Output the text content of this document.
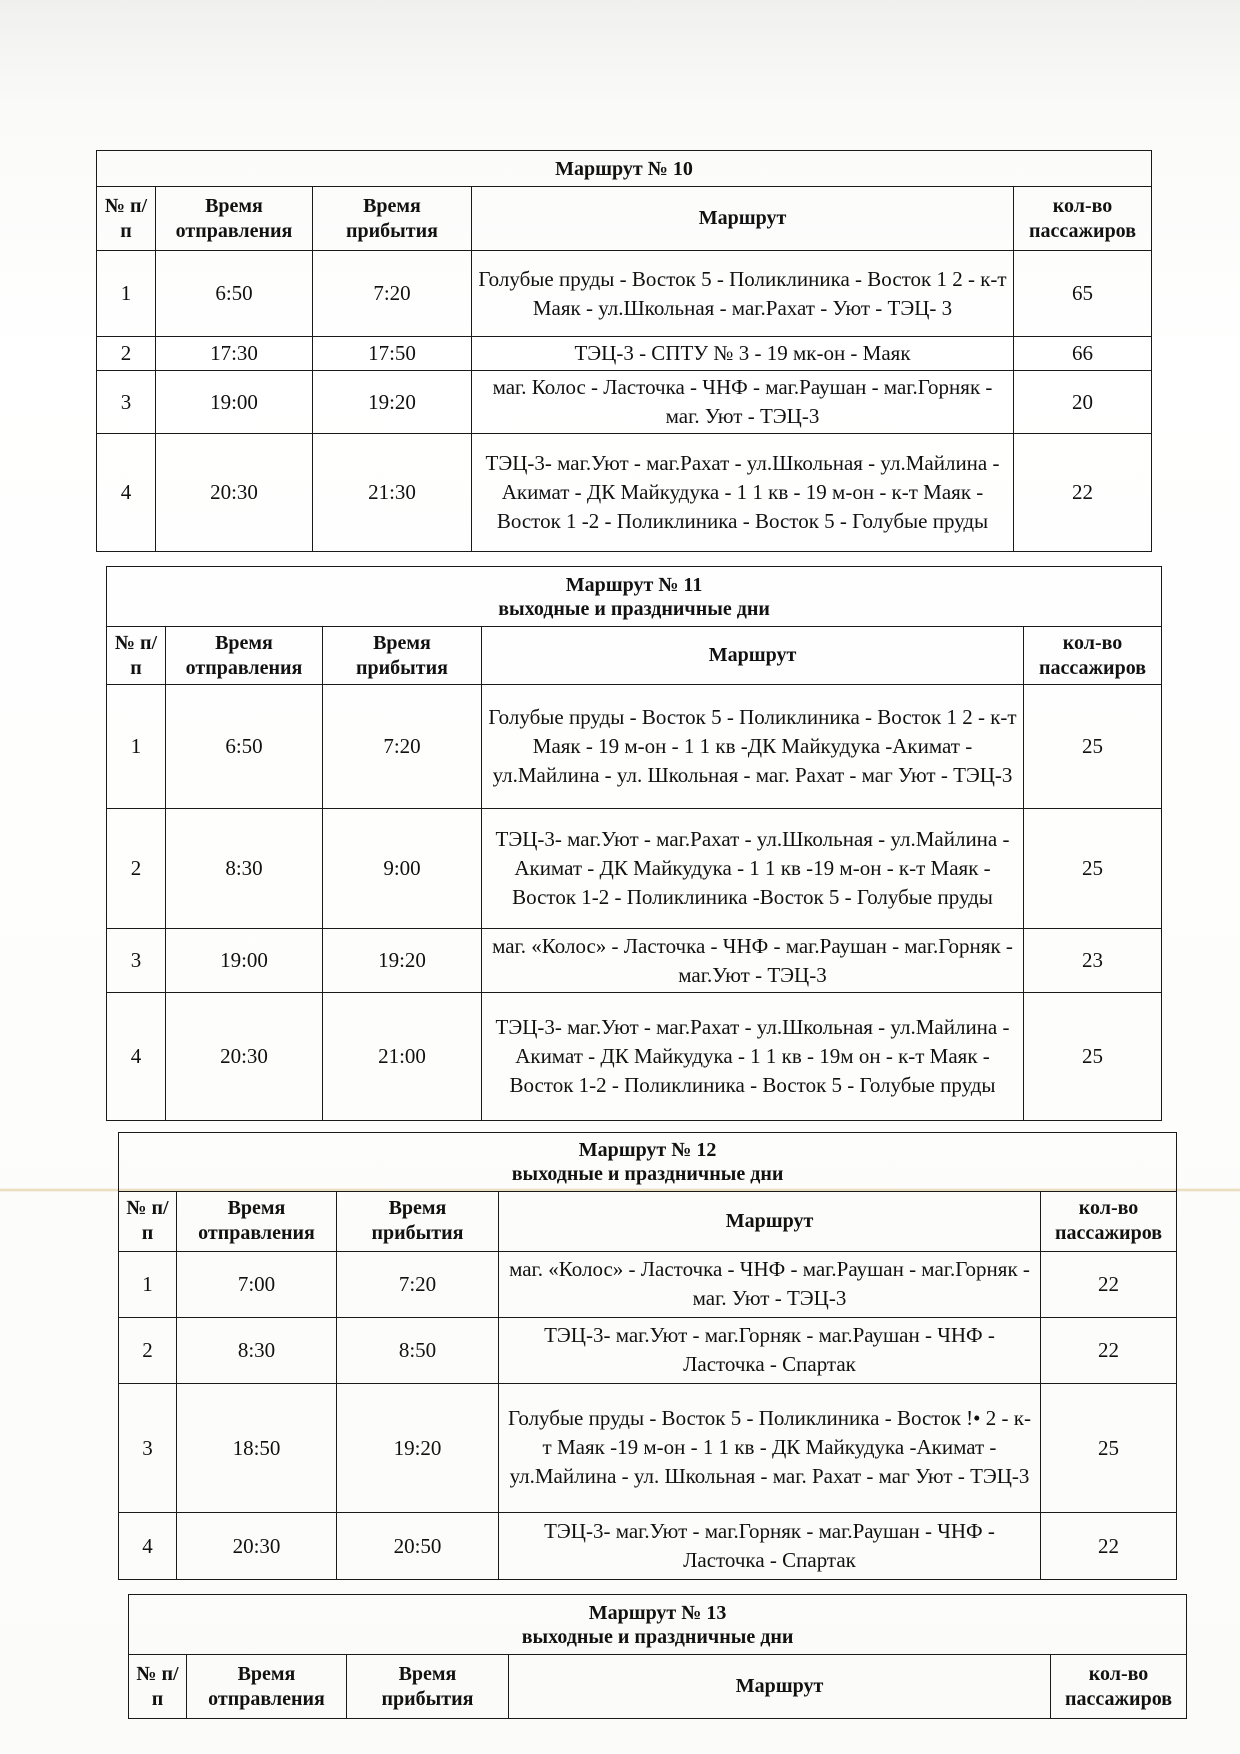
Маршрут № 10				

№ п/п	Время отправления	Время прибытия	Маршрут	кол-во пассажиров
1	6:50	7:20	Голубые пруды - Восток 5 - Поликлиника - Восток 1 2 - к-т Маяк - ул.Школьная - маг.Рахат - Уют - ТЭЦ- 3	65
2	17:30	17:50	ТЭЦ-3 - СПТУ № 3 - 19 мк-он - Маяк	66
3	19:00	19:20	маг. Колос - Ласточка - ЧНФ - маг.Раушан - маг.Горняк - маг. Уют - ТЭЦ-3	20
4	20:30	21:30	ТЭЦ-3- маг.Уют - маг.Рахат - ул.Школьная - ул.Майлина - Акимат - ДК Майкудука - 1 1 кв - 19 м-он - к-т Маяк - Восток 1 -2 - Поликлиника - Восток 5 - Голубые пруды	22
Маршрут № 11
выходные и праздничные дни				

№ п/п	Время отправления	Время прибытия	Маршрут	кол-во пассажиров
1	6:50	7:20	Голубые пруды - Восток 5 - Поликлиника - Восток 1 2 - к-т Маяк - 19 м-он - 1 1 кв -ДК Майкудука -Акимат - ул.Майлина - ул. Школьная - маг. Рахат - маг Уют - ТЭЦ-3	25
2	8:30	9:00	ТЭЦ-3- маг.Уют - маг.Рахат - ул.Школьная - ул.Майлина - Акимат - ДК Майкудука - 1 1 кв -19 м-он - к-т Маяк - Восток 1-2 - Поликлиника -Восток 5 - Голубые пруды	25
3	19:00	19:20	маг. «Колос» - Ласточка - ЧНФ - маг.Раушан - маг.Горняк - маг.Уют - ТЭЦ-3	23
4	20:30	21:00	ТЭЦ-3- маг.Уют - маг.Рахат - ул.Школьная - ул.Майлина - Акимат - ДК Майкудука - 1 1 кв - 19м он - к-т Маяк - Восток 1-2 - Поликлиника - Восток 5 - Голубые пруды	25
Маршрут № 12
выходные и праздничные дни				

№ п/п	Время отправления	Время прибытия	Маршрут	кол-во пассажиров
1	7:00	7:20	маг. «Колос» - Ласточка - ЧНФ - маг.Раушан - маг.Горняк - маг. Уют - ТЭЦ-3	22
2	8:30	8:50	ТЭЦ-3- маг.Уют - маг.Горняк - маг.Раушан - ЧНФ - Ласточка - Спартак	22
3	18:50	19:20	Голубые пруды - Восток 5 - Поликлиника - Восток !• 2 - к-т Маяк -19 м-он - 1 1 кв - ДК Майкудука -Акимат - ул.Майлина - ул. Школьная - маг. Рахат - маг Уют - ТЭЦ-3	25
4	20:30	20:50	ТЭЦ-3- маг.Уют - маг.Горняк - маг.Раушан - ЧНФ - Ласточка - Спартак	22
Маршрут № 13
выходные и праздничные дни

№ п/п	Время отправления	Время прибытия	Маршрут	кол-во пассажиров
